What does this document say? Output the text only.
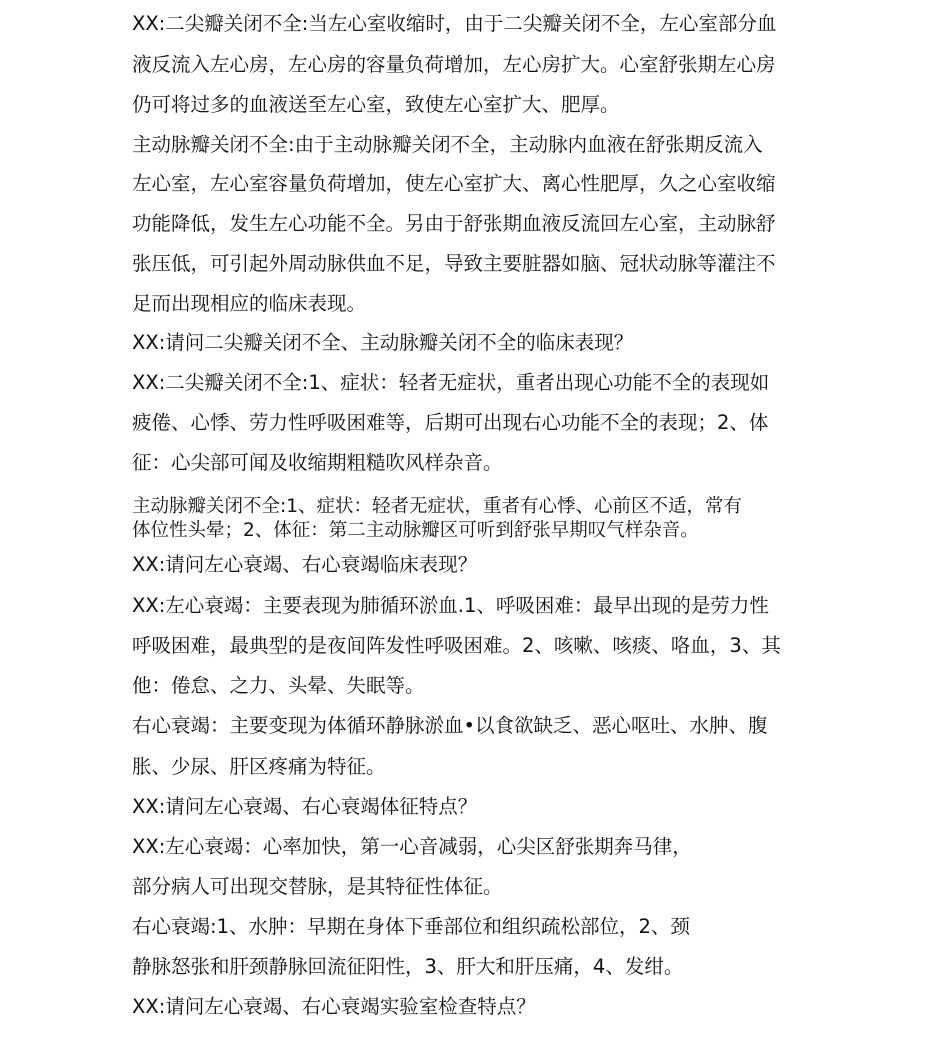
XX:二尖瓣关闭不全:当左心室收缩时，由于二尖瓣关闭不全，左心室部分血

液反流入左心房，左心房的容量负荷增加，左心房扩大。心室舒张期左心房

仍可将过多的血液送至左心室，致使左心室扩大、肥厚。

主动脉瓣关闭不全:由于主动脉瓣关闭不全，主动脉内血液在舒张期反流入

左心室，左心室容量负荷增加，使左心室扩大、离心性肥厚，久之心室收缩

功能降低，发生左心功能不全。另由于舒张期血液反流回左心室，主动脉舒

张压低，可引起外周动脉供血不足，导致主要脏器如脑、冠状动脉等灌注不

足而出现相应的临床表现。

XX:请问二尖瓣关闭不全、主动脉瓣关闭不全的临床表现？

XX:二尖瓣关闭不全:1、症状：轻者无症状，重者出现心功能不全的表现如

疲倦、心悸、劳力性呼吸困难等，后期可出现右心功能不全的表现；2、体

征：心尖部可闻及收缩期粗糙吹风样杂音。

主动脉瓣关闭不全:1、症状：轻者无症状，重者有心悸、心前区不适，常有

体位性头晕；2、体征：第二主动脉瓣区可听到舒张早期叹气样杂音。

XX:请问左心衰竭、右心衰竭临床表现？

XX:左心衰竭：主要表现为肺循环淤血.1、呼吸困难：最早出现的是劳力性

呼吸困难，最典型的是夜间阵发性呼吸困难。2、咳嗽、咳痰、咯血，3、其

他：倦怠、之力、头晕、失眠等。

右心衰竭：主要变现为体循环静脉淤血•以食欲缺乏、恶心呕吐、水肿、腹

胀、少尿、肝区疼痛为特征。

XX:请问左心衰竭、右心衰竭体征特点？

XX:左心衰竭：心率加快，第一心音减弱，心尖区舒张期奔马律，

部分病人可出现交替脉，是其特征性体征。

右心衰竭:1、水肿：早期在身体下垂部位和组织疏松部位，2、颈

静脉怒张和肝颈静脉回流征阳性，3、肝大和肝压痛，4、发绀。

XX:请问左心衰竭、右心衰竭实验室检查特点？
